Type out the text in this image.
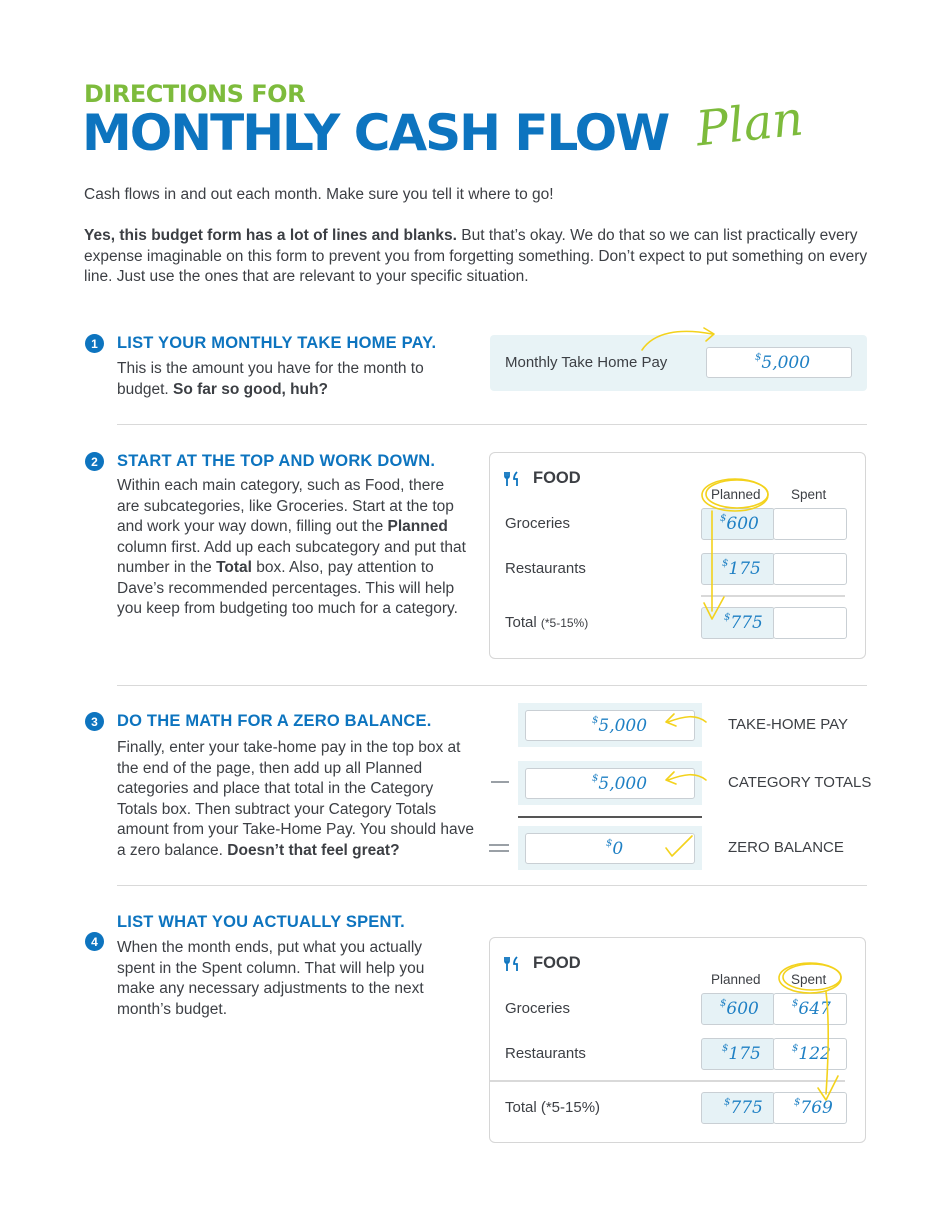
DIRECTIONS FOR
MONTHLY CASH FLOW Plan

Cash flows in and out each month. Make sure you tell it where to go!

Yes, this budget form has a lot of lines and blanks. But that’s okay. We do that so we can list practically every expense imaginable on this form to prevent you from forgetting something. Don’t expect to put something on every line. Just use the ones that are relevant to your specific situation.

1	LIST YOUR MONTHLY TAKE HOME PAY.

This is the amount you have for the month to budget. So far so good, huh?

Monthly Take Home Pay	$5,000
2	START AT THE TOP AND WORK DOWN.

Within each main category, such as Food, there are subcategories, like Groceries. Start at the top and work your way down, filling out the Planned column first. Add up each subcategory and put that number in the Total box. Also, pay attention to Dave’s recommended percentages. This will help you keep from budgeting too much for a category.

FOOD
Planned Spent
Groceries	$600
Restaurants	$175
Total (*5-15%)	$775
3	DO THE MATH FOR A ZERO BALANCE.

Finally, enter your take-home pay in the top box at the end of the page, then add up all Planned categories and place that total in the Category Totals box. Then subtract your Category Totals amount from your Take-Home Pay. You should have a zero balance. Doesn’t that feel great?

$5,000	TAKE-HOME PAY
$5,000	CATEGORY TOTALS
$0	ZERO BALANCE
4
LIST WHAT YOU ACTUALLY SPENT.

When the month ends, put what you actually spent in the Spent column. That will help you make any necessary adjustments to the next month’s budget.

FOOD
Planned Spent
Groceries	$600	$647
Restaurants	$175	$122
Total (*5-15%)	$775	$769
